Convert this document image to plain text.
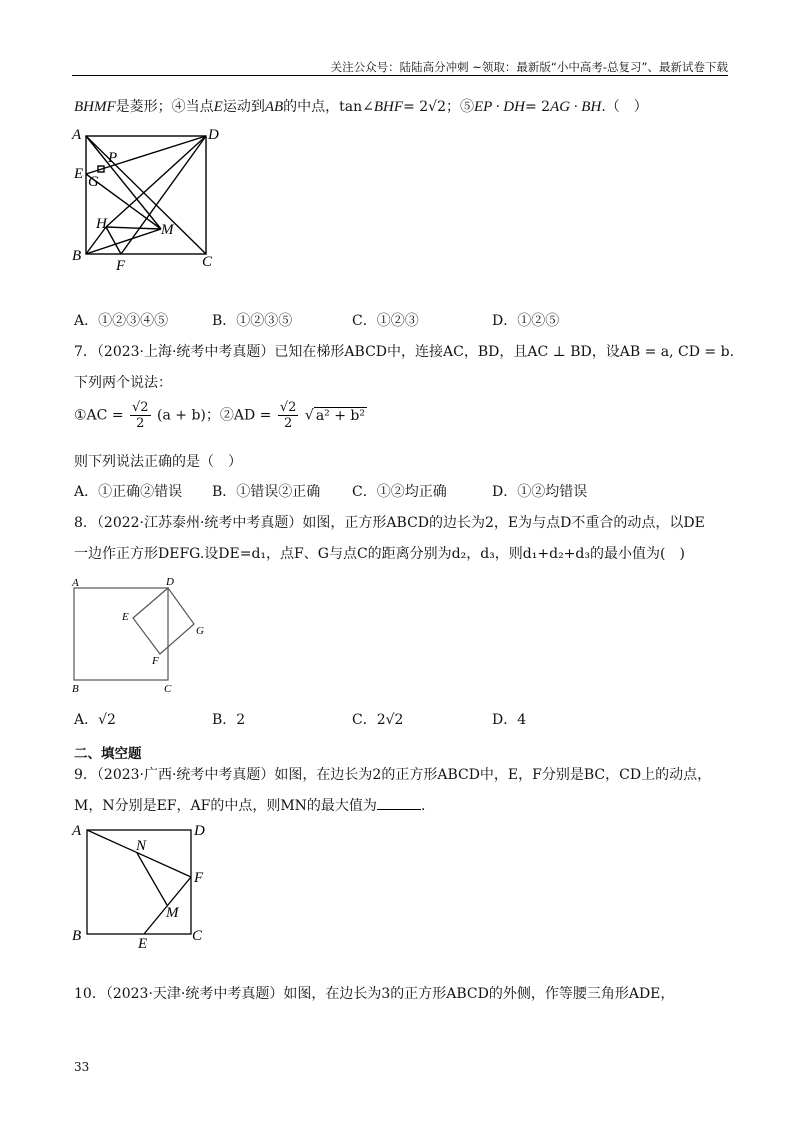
关注公众号：陆陆高分冲刺 ~领取：最新版“小中高考-总复习”、最新试卷下载
BHMF是菱形；④当点E运动到AB的中点，tan∠BHF= 2√2；⑤EP · DH= 2AG · BH.（　）
A	D
P
E G
H	M
B
F	C
A．①②③④⑤	B．①②③⑤	C．①②③	D．①②⑤
7．（2023·上海·统考中考真题）已知在梯形ABCD中，连接AC，BD，且AC ⊥ BD，设AB = a, CD = b.
下列两个说法：
①AC = $\frac{√2}{2} (a + b)$；②AD = $\frac{√2}{2}$ √ a² + b²
则下列说法正确的是（　）
A．①正确②错误 B．①错误②正确 C．①②均正确	D．①②均错误
8．（2022·江苏泰州·统考中考真题）如图，正方形ABCD的边长为2，E为与点D不重合的动点，以DE
一边作正方形DEFG.设DE=d₁，点F、G与点C的距离分别为d₂，d₃，则d₁+d₂+d₃的最小值为(　)
A	D
E
G
F
B	C
A．√2	B．2	C．2√2	D．4
二、填空题
9．（2023·广西·统考中考真题）如图，在边长为2的正方形ABCD中，E，F分别是BC，CD上的动点，
M，N分别是EF，AF的中点，则MN的最大值为	.
A	D
N
F
M
B	E	C
10．（2023·天津·统考中考真题）如图，在边长为3的正方形ABCD的外侧，作等腰三角形ADE，
33
